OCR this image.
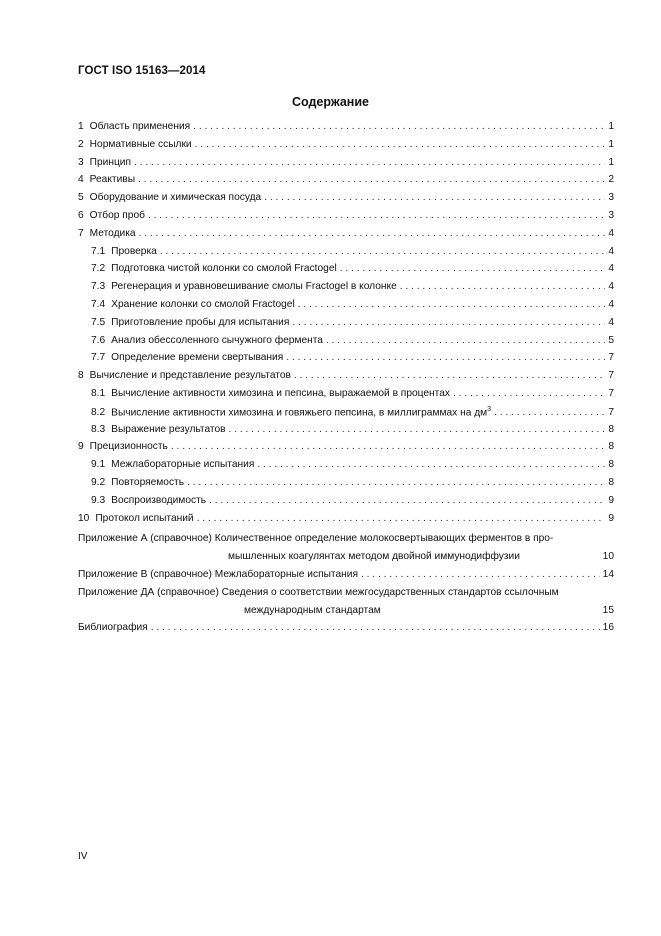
ГОСТ ISO 15163—2014
Содержание
1 Область применения . . .	1
2 Нормативные ссылки . . .	1
3 Принцип . . .	1
4 Реактивы . . .	2
5 Оборудование и химическая посуда . . .	3
6 Отбор проб . . .	3
7 Методика . . .	4
7.1 Проверка . . .	4
7.2 Подготовка чистой колонки со смолой Fractogel . . .	4
7.3 Регенерация и уравновешивание смолы Fractogel в колонке . . .	4
7.4 Хранение колонки со смолой Fractogel . . .	4
7.5 Приготовление пробы для испытания . . .	4
7.6 Анализ обессоленного сычужного фермента . . .	5
7.7 Определение времени свертывания . . .	7
8 Вычисление и представление результатов . . .	7
8.1 Вычисление активности химозина и пепсина, выражаемой в процентах . . .	7
8.2 Вычисление активности химозина и говяжьего пепсина, в миллиграммах на $дм^3$ . . .	7
8.3 Выражение результатов . . .	8
9 Прецизионность . . .	8
9.1 Межлабораторные испытания . . .	8
9.2 Повторяемость . . .	8
9.3 Воспроизводимость . . .	9
10 Протокол испытаний . . .	9
Приложение А (справочное) Количественное определение молокосвертывающих ферментов в про-
мышленных коагулянтах методом двойной иммунодиффузии	10
Приложение В (справочное) Межлабораторные испытания . . .	14
Приложение ДА (справочное) Сведения о соответствии межгосударственных стандартов ссылочным
международным стандартам	15
Библиография . . .	16
IV
